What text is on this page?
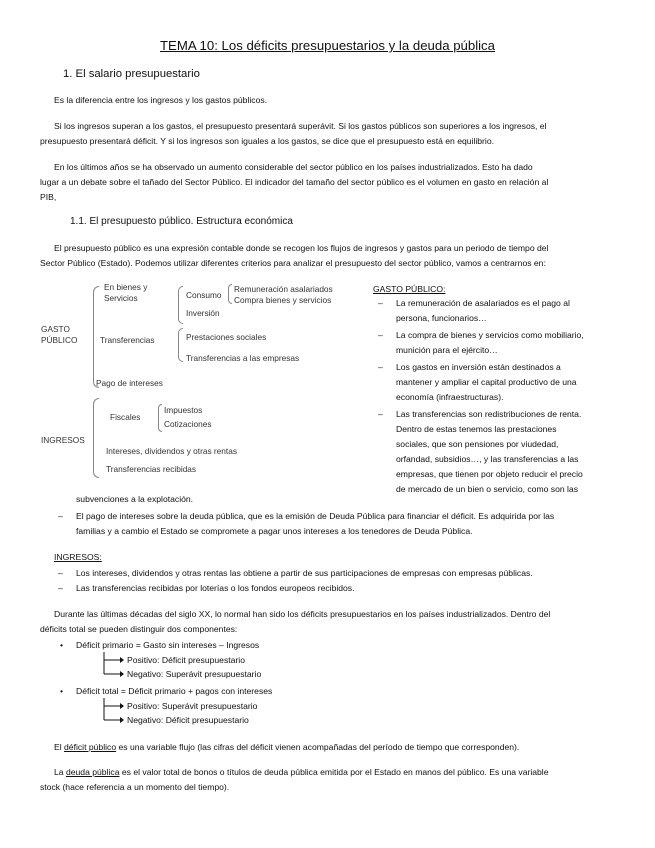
TEMA 10: Los déficits presupuestarios y la deuda pública
1. El salario presupuestario
Es la diferencia entre los ingresos y los gastos públicos.
Si los ingresos superan a los gastos, el presupuesto presentará superávit. Si los gastos públicos son superiores a los ingresos, el
presupuesto presentará déficit. Y si los ingresos son iguales a los gastos, se dice que el presupuesto está en equilibrio.
En los últimos años se ha observado un aumento considerable del sector público en los países industrializados. Esto ha dado
lugar a un debate sobre el tañado del Sector Público. El indicador del tamaño del sector público es el volumen en gasto en relación al
PIB,
1.1. El presupuesto público. Estructura económica
El presupuesto público es una expresión contable donde se recogen los flujos de ingresos y gastos para un periodo de tiempo del
Sector Público (Estado). Podemos utilizar diferentes criterios para analizar el presupuesto del sector público, vamos a centrarnos en:
GASTO
PÚBLICO
En bienes y
Servicios	Consumo
Remuneración asalariados
Compra bienes y servicios
Inversión
Transferencias	Prestaciones sociales
Transferencias a las empresas
Pago de intereses
INGRESOS
Fiscales
Impuestos
Cotizaciones
Intereses, dividendos y otras rentas
Transferencias recibidas
GASTO PÚBLICO:
– La remuneración de asalariados es el pago al
persona, funcionarios…
– La compra de bienes y servicios como mobiliario,
munición para el ejército…
– Los gastos en inversión están destinados a
mantener y ampliar el capital productivo de una
economía (infraestructuras).
– Las transferencias son redistribuciones de renta.
Dentro de estas tenemos las prestaciones
sociales, que son pensiones por viudedad,
orfandad, subsidios…, y las transferencias a las
empresas, que tienen por objeto reducir el precio
de mercado de un bien o servicio, como son las
subvenciones a la explotación.
– El pago de intereses sobre la deuda pública, que es la emisión de Deuda Pública para financiar el déficit. Es adquirida por las
familias y a cambio el Estado se compromete a pagar unos intereses a los tenedores de Deuda Pública.
INGRESOS:
– Los intereses, dividendos y otras rentas las obtiene a partir de sus participaciones de empresas con empresas públicas.
– Las transferencias recibidas por loterías o los fondos europeos recibidos.
Durante las últimas décadas del siglo XX, lo normal han sido los déficits presupuestarios en los países industrializados. Dentro del
déficits total se pueden distinguir dos componentes:
• Déficit primario = Gasto sin intereses – Ingresos
Positivo: Déficit presupuestario
Negativo: Superávit presupuestario
• Déficit total = Déficit primario + pagos con intereses
Positivo: Superávit presupuestario
Negativo: Déficit presupuestario
El déficit público es una variable flujo (las cifras del déficit vienen acompañadas del período de tiempo que corresponden).
La deuda pública es el valor total de bonos o títulos de deuda pública emitida por el Estado en manos del público. Es una variable
stock (hace referencia a un momento del tiempo).
